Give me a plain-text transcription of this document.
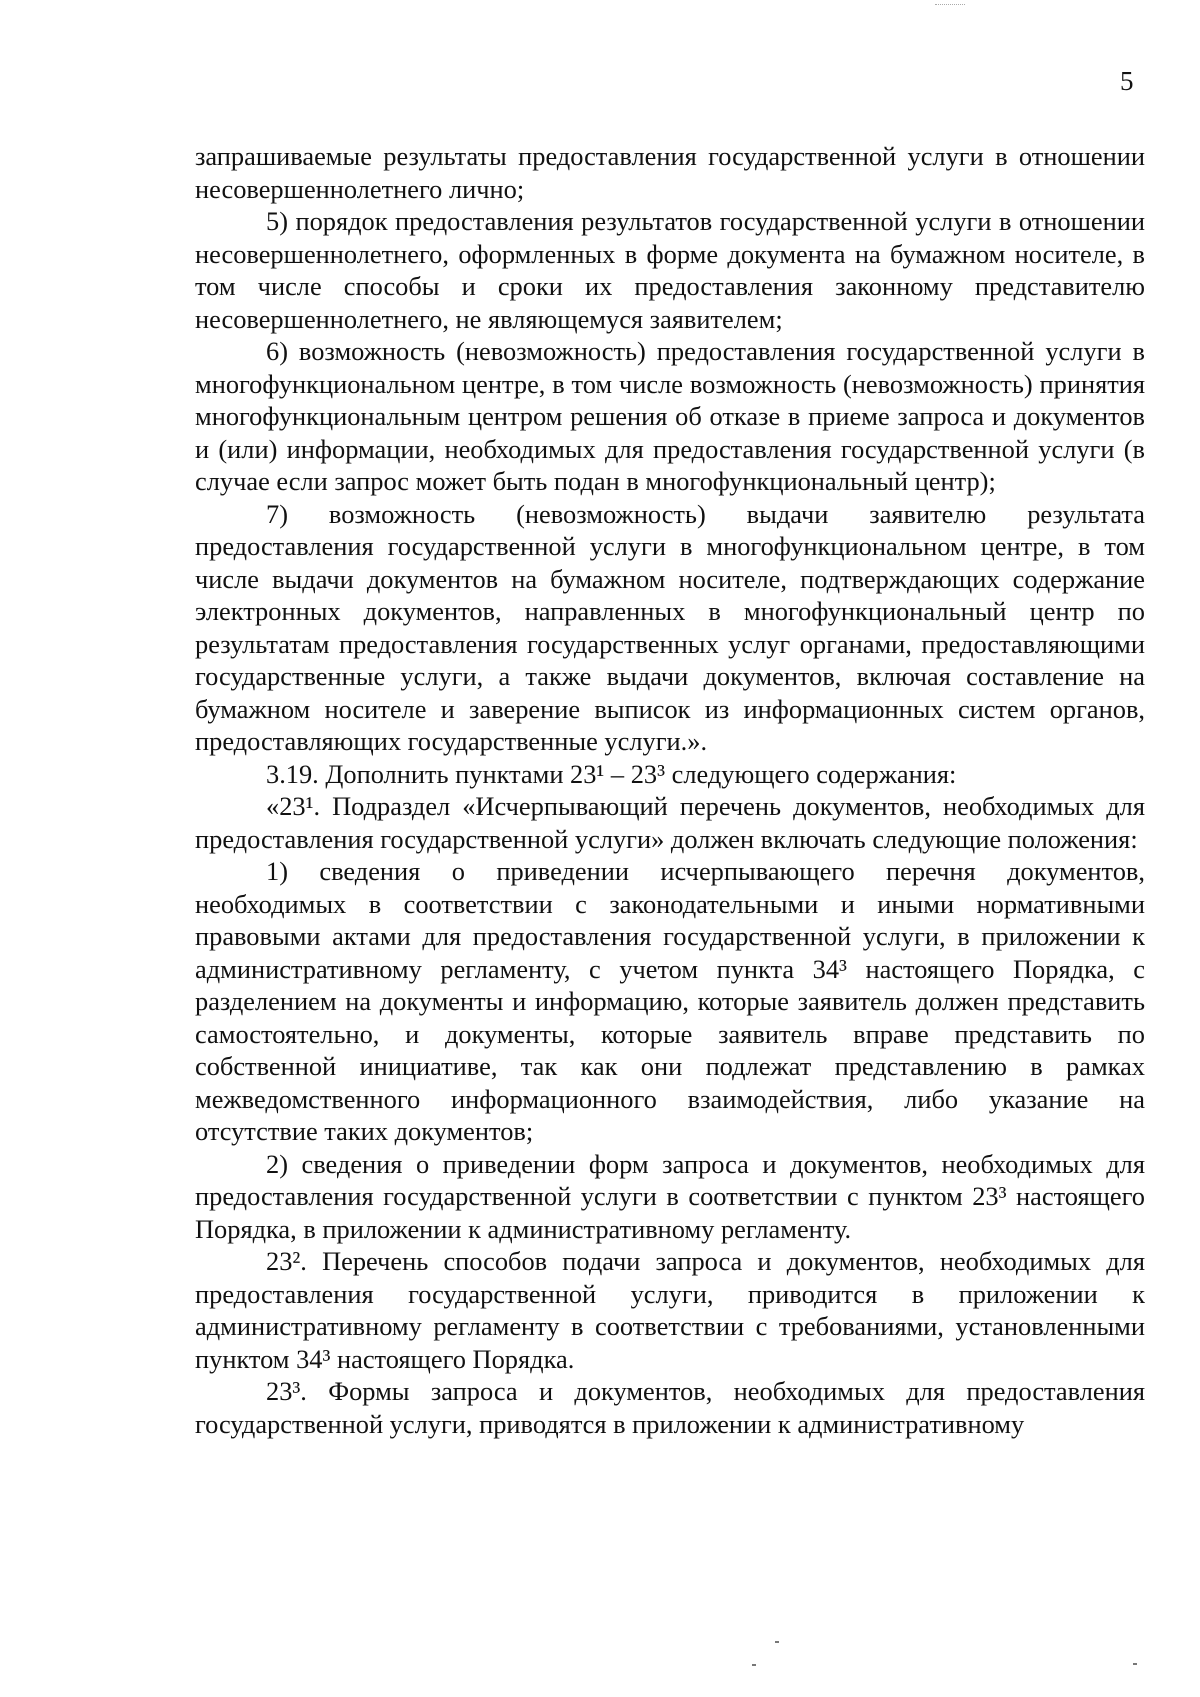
5

запрашиваемые результаты предоставления государственной услуги в отношении несовершеннолетнего лично;

5) порядок предоставления результатов государственной услуги в отношении несовершеннолетнего, оформленных в форме документа на бумажном носителе, в том числе способы и сроки их предоставления законному представителю несовершеннолетнего, не являющемуся заявителем;

6) возможность (невозможность) предоставления государственной услуги в многофункциональном центре, в том числе возможность (невозможность) принятия многофункциональным центром решения об отказе в приеме запроса и документов и (или) информации, необходимых для предоставления государственной услуги (в случае если запрос может быть подан в многофункциональный центр);

7) возможность (невозможность) выдачи заявителю результата предоставления государственной услуги в многофункциональном центре, в том числе выдачи документов на бумажном носителе, подтверждающих содержание электронных документов, направленных в многофункциональный центр по результатам предоставления государственных услуг органами, предоставляющими государственные услуги, а также выдачи документов, включая составление на бумажном носителе и заверение выписок из информационных систем органов, предоставляющих государственные услуги.».

3.19. Дополнить пунктами 23¹ – 23³ следующего содержания:

«23¹. Подраздел «Исчерпывающий перечень документов, необходимых для предоставления государственной услуги» должен включать следующие положения:

1) сведения о приведении исчерпывающего перечня документов, необходимых в соответствии с законодательными и иными нормативными правовыми актами для предоставления государственной услуги, в приложении к административному регламенту, с учетом пункта 34³ настоящего Порядка, с разделением на документы и информацию, которые заявитель должен представить самостоятельно, и документы, которые заявитель вправе представить по собственной инициативе, так как они подлежат представлению в рамках межведомственного информационного взаимодействия, либо указание на отсутствие таких документов;

2) сведения о приведении форм запроса и документов, необходимых для предоставления государственной услуги в соответствии с пунктом 23³ настоящего Порядка, в приложении к административному регламенту.

23². Перечень способов подачи запроса и документов, необходимых для предоставления государственной услуги, приводится в приложении к административному регламенту в соответствии с требованиями, установленными пунктом 34³ настоящего Порядка.

23³. Формы запроса и документов, необходимых для предоставления государственной услуги, приводятся в приложении к административному
